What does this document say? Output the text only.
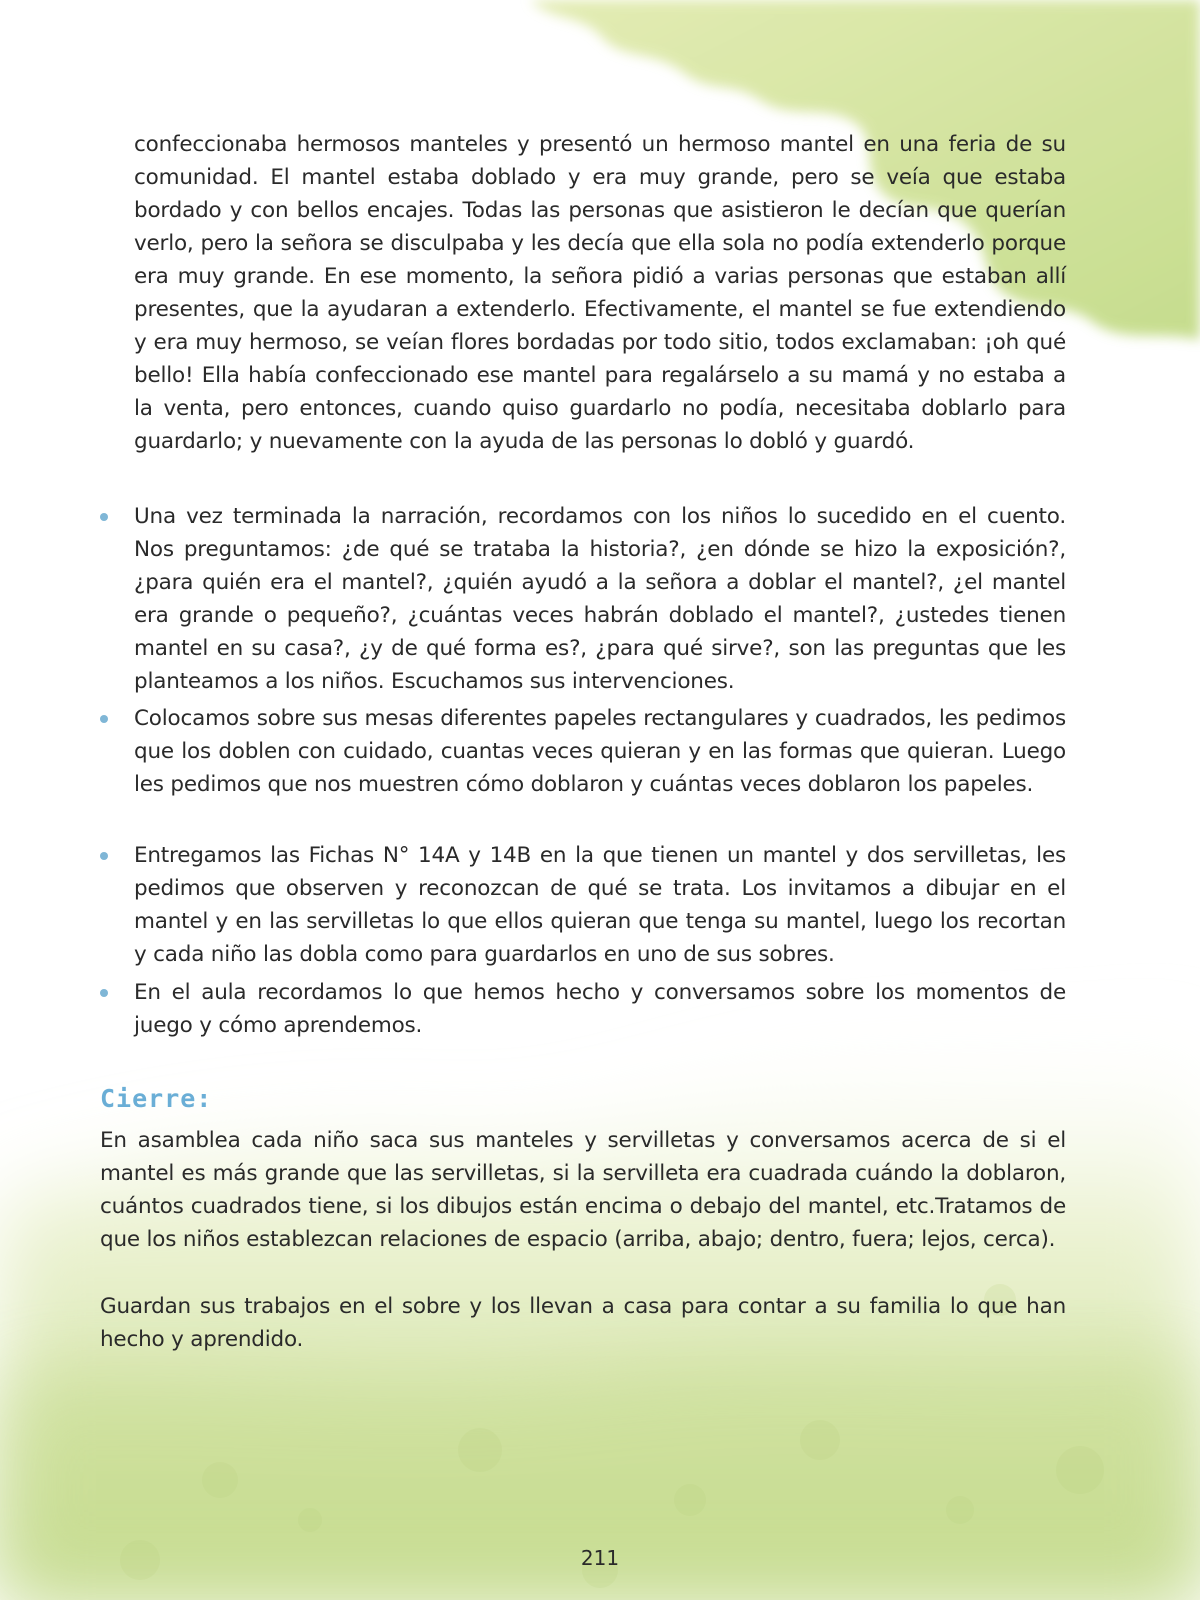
confeccionaba hermosos manteles y presentó un hermoso mantel en una feria de su comunidad. El mantel estaba doblado y era muy grande, pero se veía que estaba bordado y con bellos encajes. Todas las personas que asistieron le decían que querían verlo, pero la señora se disculpaba y les decía que ella sola no podía extenderlo porque era muy grande. En ese momento, la señora pidió a varias personas que estaban allí presentes, que la ayudaran a extenderlo. Efectivamente, el mantel se fue extendiendo y era muy hermoso, se veían flores bordadas por todo sitio, todos exclamaban: ¡oh qué bello! Ella había confeccionado ese mantel para regalárselo a su mamá y no estaba a la venta, pero entonces, cuando quiso guardarlo no podía, necesitaba doblarlo para guardarlo; y nuevamente con la ayuda de las personas lo dobló y guardó.

Una vez terminada la narración, recordamos con los niños lo sucedido en el cuento. Nos preguntamos: ¿de qué se trataba la historia?, ¿en dónde se hizo la exposición?, ¿para quién era el mantel?, ¿quién ayudó a la señora a doblar el mantel?, ¿el mantel era grande o pequeño?, ¿cuántas veces habrán doblado el mantel?, ¿ustedes tienen mantel en su casa?, ¿y de qué forma es?, ¿para qué sirve?, son las preguntas que les planteamos a los niños. Escuchamos sus intervenciones.

Colocamos sobre sus mesas diferentes papeles rectangulares y cuadrados, les pedimos que los doblen con cuidado, cuantas veces quieran y en las formas que quieran. Luego les pedimos que nos muestren cómo doblaron y cuántas veces doblaron los papeles.

Entregamos las Fichas N° 14A y 14B en la que tienen un mantel y dos servilletas, les pedimos que observen y reconozcan de qué se trata. Los invitamos a dibujar en el mantel y en las servilletas lo que ellos quieran que tenga su mantel, luego los recortan y cada niño las dobla como para guardarlos en uno de sus sobres.

En el aula recordamos lo que hemos hecho y conversamos sobre los momentos de juego y cómo aprendemos.

Cierre:

En asamblea cada niño saca sus manteles y servilletas y conversamos acerca de si el mantel es más grande que las servilletas, si la servilleta era cuadrada cuándo la doblaron, cuántos cuadrados tiene, si los dibujos están encima o debajo del mantel, etc.Tratamos de que los niños establezcan relaciones de espacio (arriba, abajo; dentro, fuera; lejos, cerca).

Guardan sus trabajos en el sobre y los llevan a casa para contar a su familia lo que han hecho y aprendido.

211
